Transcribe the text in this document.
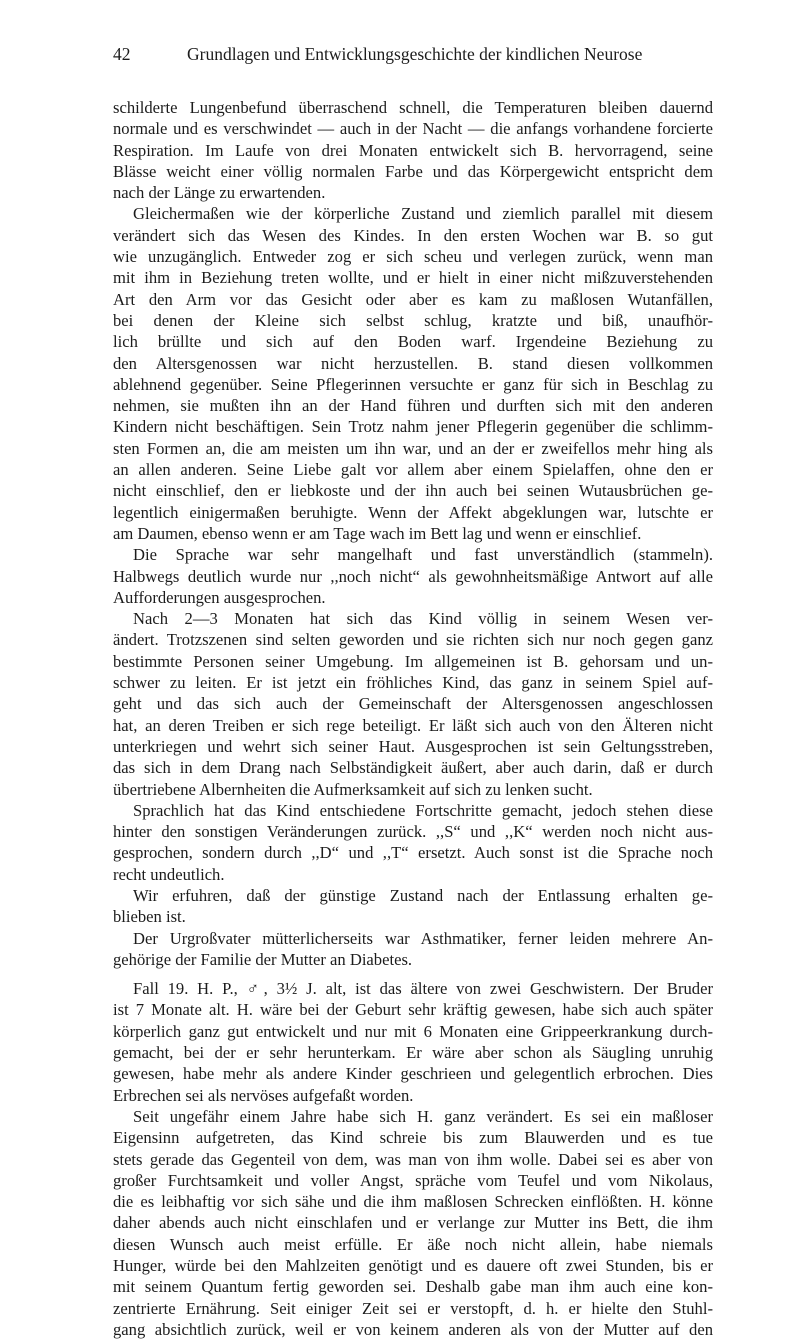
42	Grundlagen und Entwicklungsgeschichte der kindlichen Neurose
schilderte Lungenbefund überraschend schnell, die Temperaturen bleiben dauernd
normale und es verschwindet — auch in der Nacht — die anfangs vorhandene forcierte
Respiration. Im Laufe von drei Monaten entwickelt sich B. hervorragend, seine
Blässe weicht einer völlig normalen Farbe und das Körpergewicht entspricht dem
nach der Länge zu erwartenden.
Gleichermaßen wie der körperliche Zustand und ziemlich parallel mit diesem
verändert sich das Wesen des Kindes. In den ersten Wochen war B. so gut
wie unzugänglich. Entweder zog er sich scheu und verlegen zurück, wenn man
mit ihm in Beziehung treten wollte, und er hielt in einer nicht mißzuverstehenden
Art den Arm vor das Gesicht oder aber es kam zu maßlosen Wutanfällen,
bei denen der Kleine sich selbst schlug, kratzte und biß, unaufhör-
lich brüllte und sich auf den Boden warf. Irgendeine Beziehung zu
den Altersgenossen war nicht herzustellen. B. stand diesen vollkommen
ablehnend gegenüber. Seine Pflegerinnen versuchte er ganz für sich in Beschlag zu
nehmen, sie mußten ihn an der Hand führen und durften sich mit den anderen
Kindern nicht beschäftigen. Sein Trotz nahm jener Pflegerin gegenüber die schlimm-
sten Formen an, die am meisten um ihn war, und an der er zweifellos mehr hing als
an allen anderen. Seine Liebe galt vor allem aber einem Spielaffen, ohne den er
nicht einschlief, den er liebkoste und der ihn auch bei seinen Wutausbrüchen ge-
legentlich einigermaßen beruhigte. Wenn der Affekt abgeklungen war, lutschte er
am Daumen, ebenso wenn er am Tage wach im Bett lag und wenn er einschlief.
Die Sprache war sehr mangelhaft und fast unverständlich (stammeln).
Halbwegs deutlich wurde nur ,,noch nicht“ als gewohnheitsmäßige Antwort auf alle
Aufforderungen ausgesprochen.
Nach 2—3 Monaten hat sich das Kind völlig in seinem Wesen ver-
ändert. Trotzszenen sind selten geworden und sie richten sich nur noch gegen ganz
bestimmte Personen seiner Umgebung. Im allgemeinen ist B. gehorsam und un-
schwer zu leiten. Er ist jetzt ein fröhliches Kind, das ganz in seinem Spiel auf-
geht und das sich auch der Gemeinschaft der Altersgenossen angeschlossen
hat, an deren Treiben er sich rege beteiligt. Er läßt sich auch von den Älteren nicht
unterkriegen und wehrt sich seiner Haut. Ausgesprochen ist sein Geltungsstreben,
das sich in dem Drang nach Selbständigkeit äußert, aber auch darin, daß er durch
übertriebene Albernheiten die Aufmerksamkeit auf sich zu lenken sucht.
Sprachlich hat das Kind entschiedene Fortschritte gemacht, jedoch stehen diese
hinter den sonstigen Veränderungen zurück. ,,S“ und ,,K“ werden noch nicht aus-
gesprochen, sondern durch ,,D“ und ,,T“ ersetzt. Auch sonst ist die Sprache noch
recht undeutlich.
Wir erfuhren, daß der günstige Zustand nach der Entlassung erhalten ge-
blieben ist.
Der Urgroßvater mütterlicherseits war Asthmatiker, ferner leiden mehrere An-
gehörige der Familie der Mutter an Diabetes.
Fall 19. H. P., ♂, 3½ J. alt, ist das ältere von zwei Geschwistern. Der Bruder
ist 7 Monate alt. H. wäre bei der Geburt sehr kräftig gewesen, habe sich auch später
körperlich ganz gut entwickelt und nur mit 6 Monaten eine Grippeerkrankung durch-
gemacht, bei der er sehr herunterkam. Er wäre aber schon als Säugling unruhig
gewesen, habe mehr als andere Kinder geschrieen und gelegentlich erbrochen. Dies
Erbrechen sei als nervöses aufgefaßt worden.
Seit ungefähr einem Jahre habe sich H. ganz verändert. Es sei ein maßloser
Eigensinn aufgetreten, das Kind schreie bis zum Blauwerden und es tue
stets gerade das Gegenteil von dem, was man von ihm wolle. Dabei sei es aber von
großer Furchtsamkeit und voller Angst, spräche vom Teufel und vom Nikolaus,
die es leibhaftig vor sich sähe und die ihm maßlosen Schrecken einflößten. H. könne
daher abends auch nicht einschlafen und er verlange zur Mutter ins Bett, die ihm
diesen Wunsch auch meist erfülle. Er äße noch nicht allein, habe niemals
Hunger, würde bei den Mahlzeiten genötigt und es dauere oft zwei Stunden, bis er
mit seinem Quantum fertig geworden sei. Deshalb gabe man ihm auch eine kon-
zentrierte Ernährung. Seit einiger Zeit sei er verstopft, d. h. er hielte den Stuhl-
gang absichtlich zurück, weil er von keinem anderen als von der Mutter auf den
